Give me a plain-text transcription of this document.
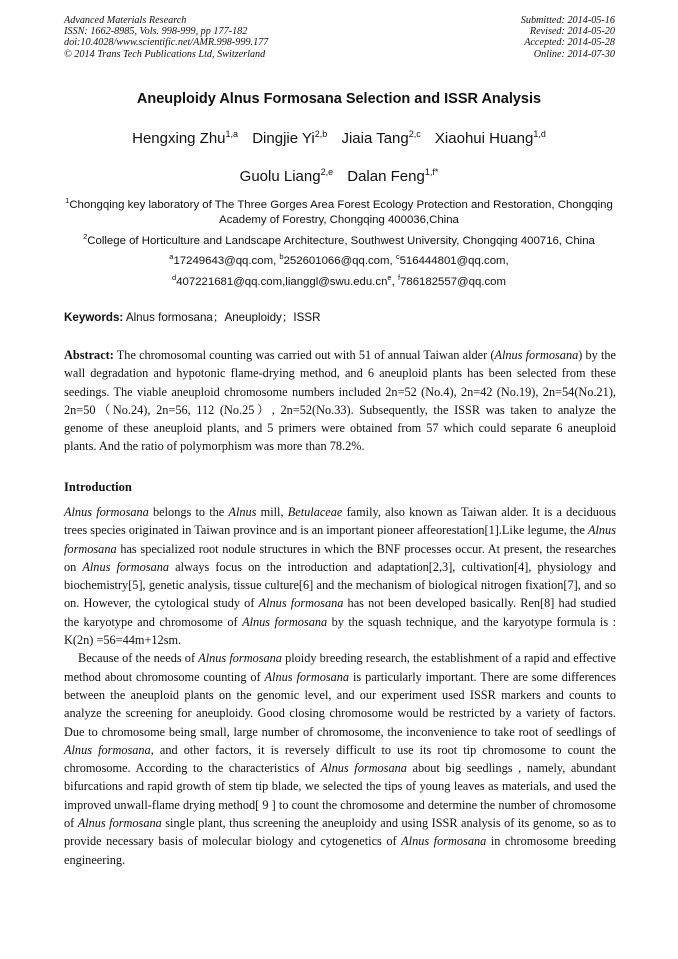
Advanced Materials Research
ISSN: 1662-8985, Vols. 998-999, pp 177-182
doi:10.4028/www.scientific.net/AMR.998-999.177
© 2014 Trans Tech Publications Ltd, Switzerland
Submitted: 2014-05-16
Revised: 2014-05-20
Accepted: 2014-05-28
Online: 2014-07-30
Aneuploidy Alnus Formosana Selection and ISSR Analysis
Hengxing Zhu$^{1,a}$ Dingjie Yi$^{2,b}$ Jiaia Tang$^{2,c}$ Xiaohui Huang$^{1,d}$
Guolu Liang$^{2,e}$ Dalan Feng$^{1,f*}$
$^1$Chongqing key laboratory of The Three Gorges Area Forest Ecology Protection and Restoration, Chongqing Academy of Forestry, Chongqing 400036,China
$^2$College of Horticulture and Landscape Architecture, Southwest University, Chongqing 400716, China
$^a$17249643@qq.com, $^b$252601066@qq.com, $^c$516444801@qq.com, $^d407221681@qq.com,lianggl@swu.edu.cn^e$, $^f$786182557@qq.com
Keywords: Alnus formosana；Aneuploidy；ISSR

Abstract: The chromosomal counting was carried out with 51 of annual Taiwan alder (Alnus formosana) by the wall degradation and hypotonic flame-drying method, and 6 aneuploid plants has been selected from these seedings. The viable aneuploid chromosome numbers included 2n=52 (No.4), 2n=42 (No.19), 2n=54(No.21), 2n=50（No.24), 2n=56, 112 (No.25）, 2n=52(No.33). Subsequently, the ISSR was taken to analyze the genome of these aneuploid plants, and 5 primers were obtained from 57 which could separate 6 aneuploid plants. And the ratio of polymorphism was more than 78.2%.

Introduction

Alnus formosana belongs to the Alnus mill, Betulaceae family, also known as Taiwan alder. It is a deciduous trees species originated in Taiwan province and is an important pioneer affeorestation[1].Like legume, the Alnus formosana has specialized root nodule structures in which the BNF processes occur. At present, the researches on Alnus formosana always focus on the introduction and adaptation[2,3], cultivation[4], physiology and biochemistry[5], genetic analysis, tissue culture[6] and the mechanism of biological nitrogen fixation[7], and so on. However, the cytological study of Alnus formosana has not been developed basically. Ren[8] had studied the karyotype and chromosome of Alnus formosana by the squash technique, and the karyotype formula is : K(2n) =56=44m+12sm.

Because of the needs of Alnus formosana ploidy breeding research, the establishment of a rapid and effective method about chromosome counting of Alnus formosana is particularly important. There are some differences between the aneuploid plants on the genomic level, and our experiment used ISSR markers and counts to analyze the screening for aneuploidy. Good closing chromosome would be restricted by a variety of factors. Due to chromosome being small, large number of chromosome, the inconvenience to take root of seedlings of Alnus formosana, and other factors, it is reversely difficult to use its root tip chromosome to count the chromosome. According to the characteristics of Alnus formosana about big seedlings , namely, abundant bifurcations and rapid growth of stem tip blade, we selected the tips of young leaves as materials, and used the improved unwall-flame drying method[ 9 ] to count the chromosome and determine the number of chromosome of Alnus formosana single plant, thus screening the aneuploidy and using ISSR analysis of its genome, so as to provide necessary basis of molecular biology and cytogenetics of Alnus formosana in chromosome breeding engineering.
